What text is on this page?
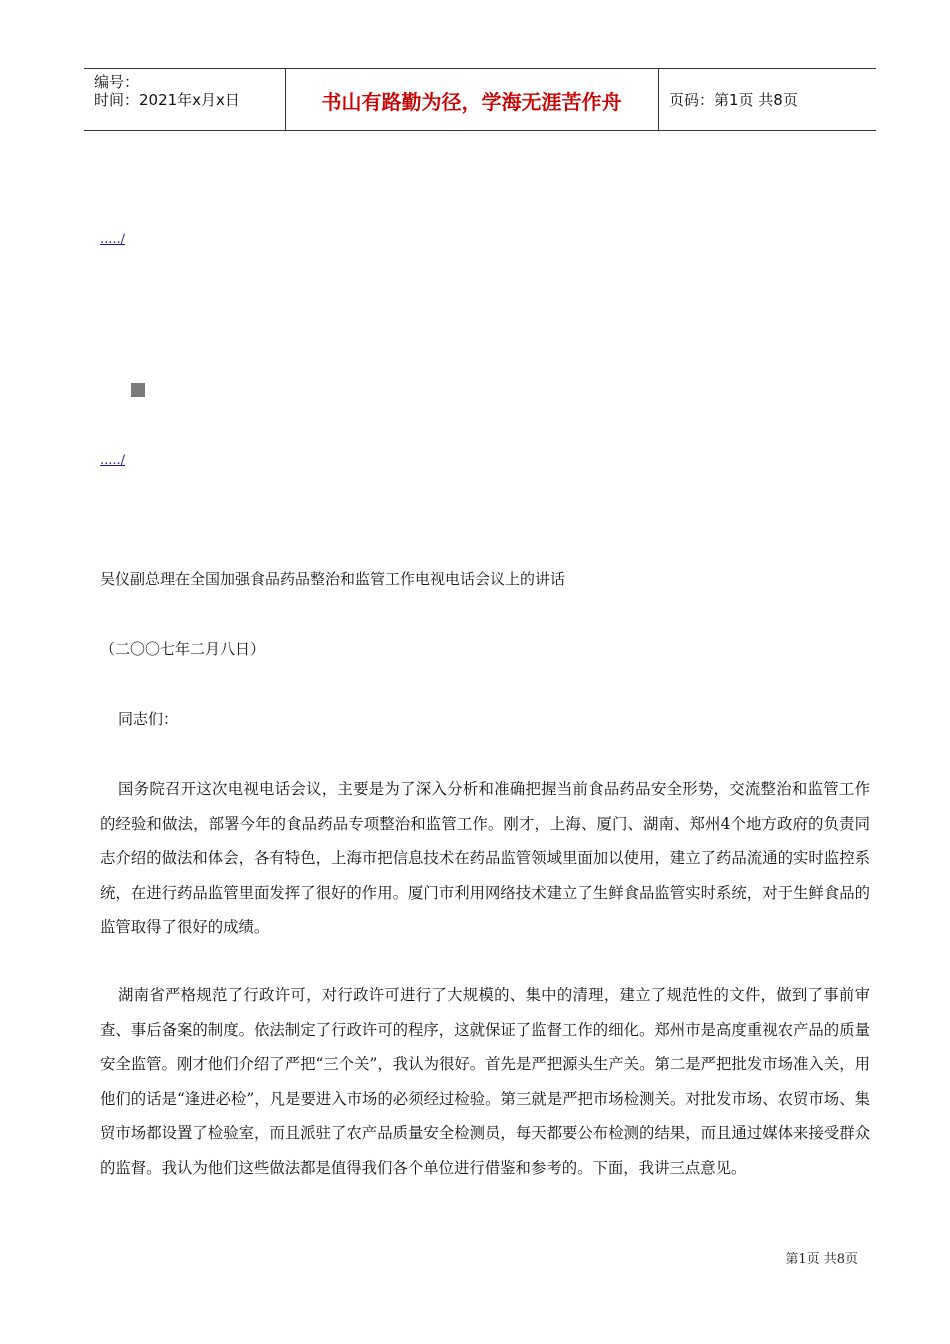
编号：
时间：2021年x月x日	书山有路勤为径，学海无涯苦作舟	页码：第1页 共8页
...../
...../
吴仪副总理在全国加强食品药品整治和监管工作电视电话会议上的讲话
（二〇〇七年二月八日）
同志们：
国务院召开这次电视电话会议，主要是为了深入分析和准确把握当前食品药品安全形势，交流整治和监管工作的经验和做法，部署今年的食品药品专项整治和监管工作。刚才，上海、厦门、湖南、郑州4个地方政府的负责同志介绍的做法和体会，各有特色，上海市把信息技术在药品监管领域里面加以使用，建立了药品流通的实时监控系统，在进行药品监管里面发挥了很好的作用。厦门市利用网络技术建立了生鲜食品监管实时系统，对于生鲜食品的监管取得了很好的成绩。
湖南省严格规范了行政许可，对行政许可进行了大规模的、集中的清理，建立了规范性的文件，做到了事前审查、事后备案的制度。依法制定了行政许可的程序，这就保证了监督工作的细化。郑州市是高度重视农产品的质量安全监管。刚才他们介绍了严把“三个关”，我认为很好。首先是严把源头生产关。第二是严把批发市场准入关，用他们的话是“逢进必检”，凡是要进入市场的必须经过检验。第三就是严把市场检测关。对批发市场、农贸市场、集贸市场都设置了检验室，而且派驻了农产品质量安全检测员，每天都要公布检测的结果，而且通过媒体来接受群众的监督。我认为他们这些做法都是值得我们各个单位进行借鉴和参考的。下面，我讲三点意见。
第1页 共8页
